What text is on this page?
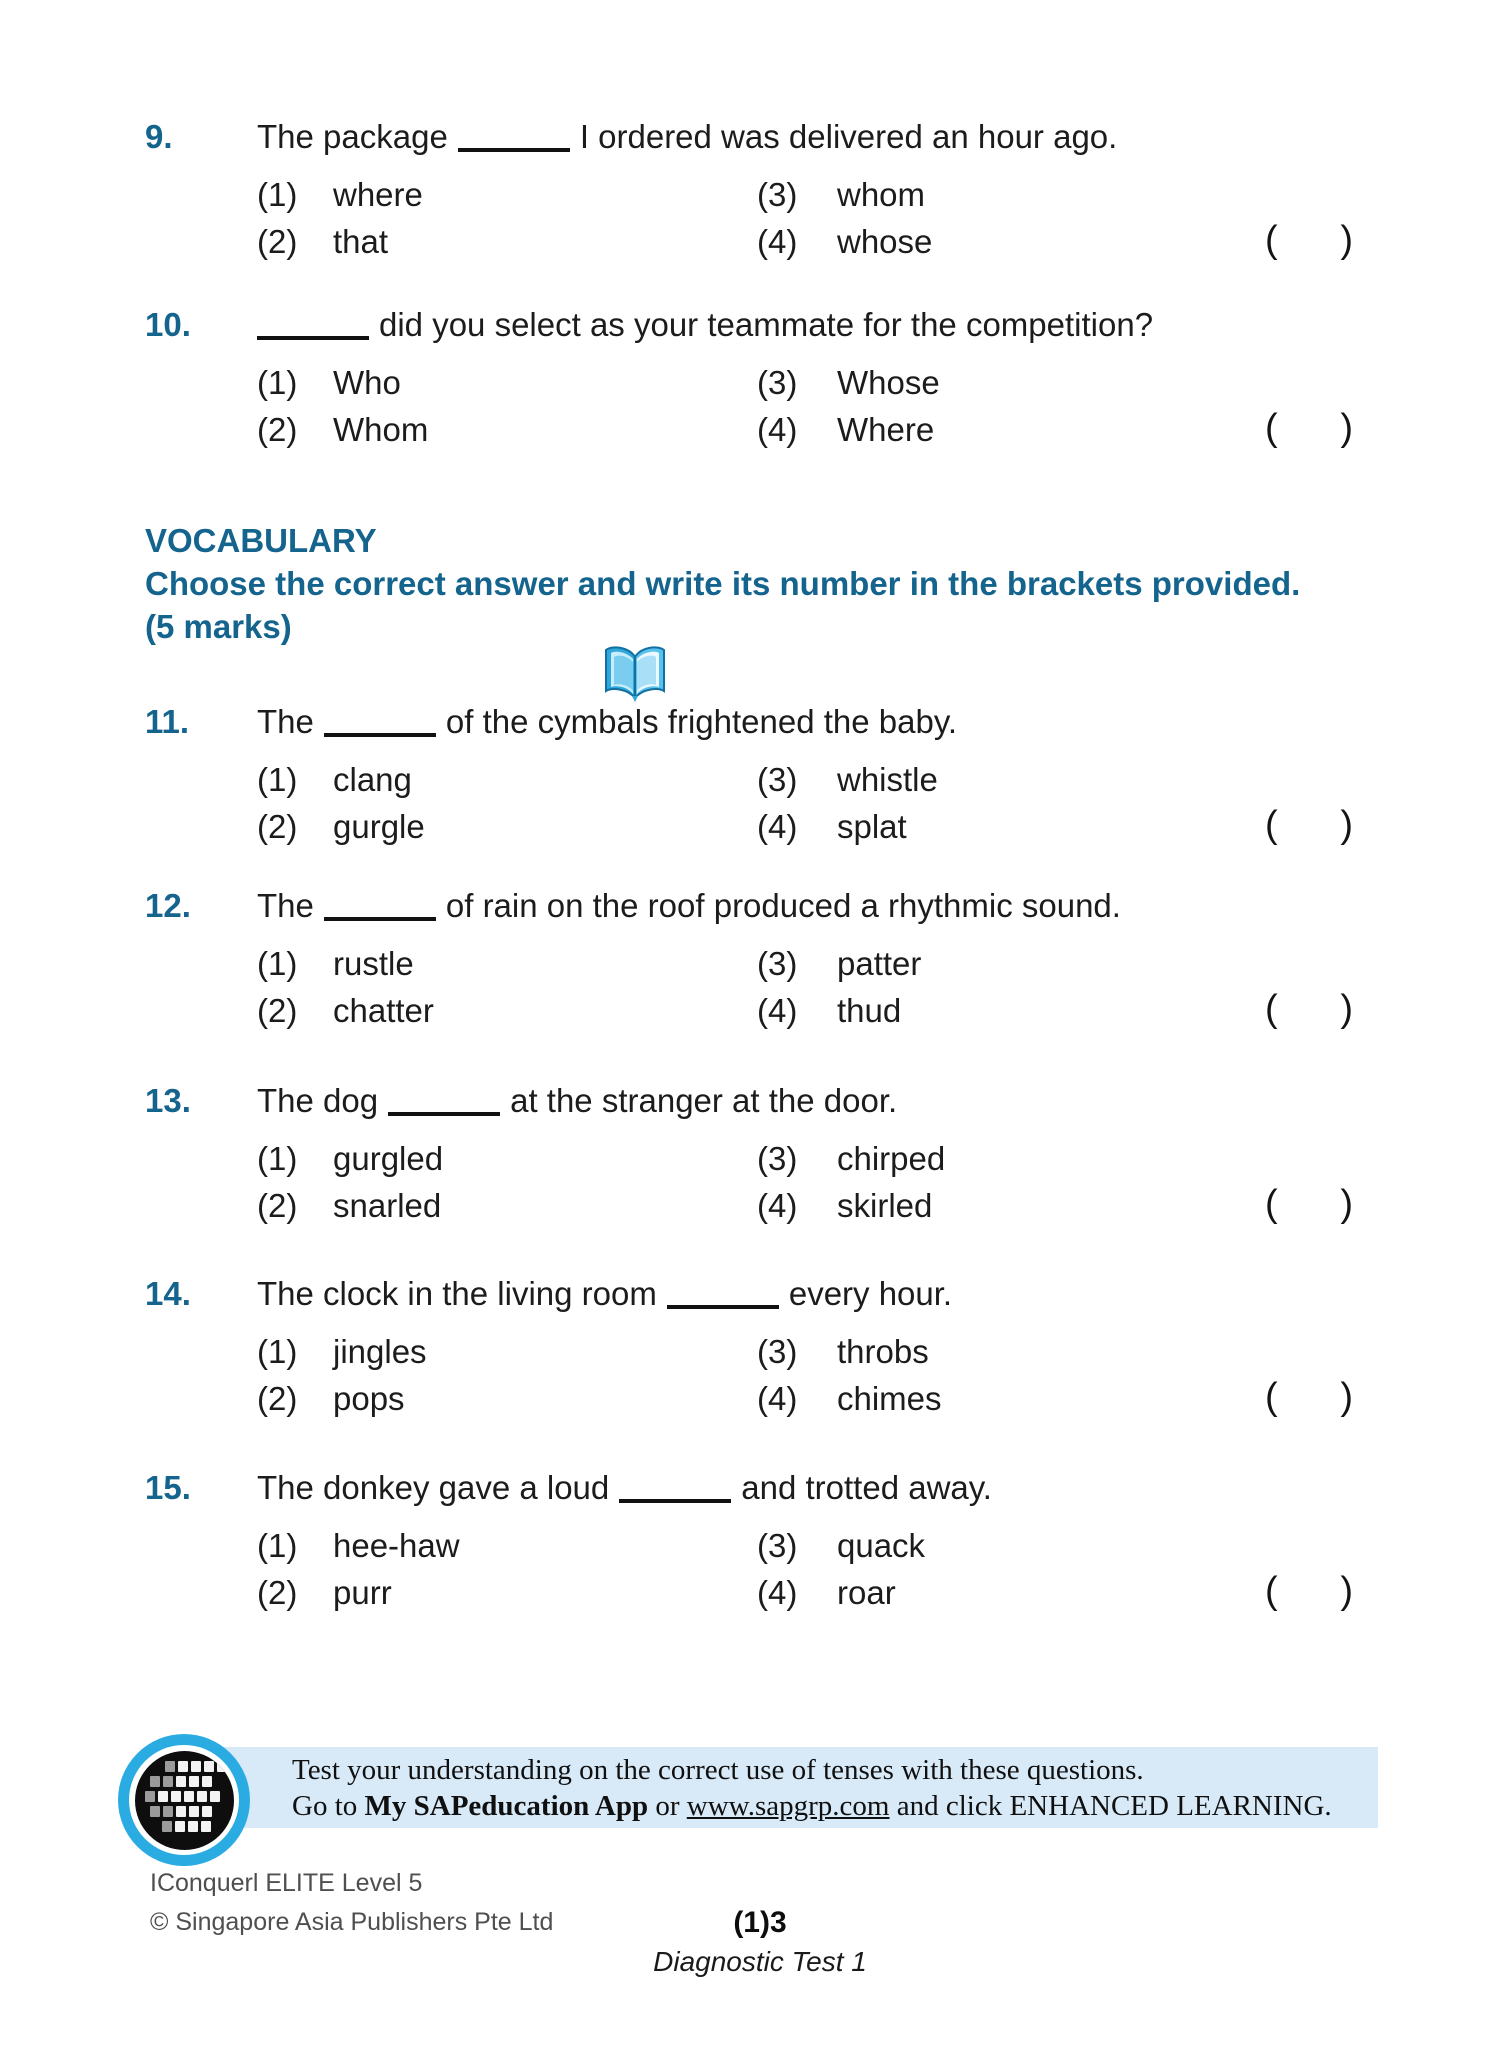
9.	The package	I ordered was delivered an hour ago.
(1) where	(3) whom
(2) that	(4) whose	( )
10.	did you select as your teammate for the competition?
(1) Who	(3) Whose
(2) Whom	(4) Where	( )
VOCABULARY
Choose the correct answer and write its number in the brackets provided.
(5 marks)
11.	The	of the cymbals frightened the baby.
(1) clang	(3) whistle
(2) gurgle	(4) splat	( )
12.	The	of rain on the roof produced a rhythmic sound.
(1) rustle	(3) patter
(2) chatter	(4) thud	( )
13.	The dog	at the stranger at the door.
(1) gurgled	(3) chirped
(2) snarled	(4) skirled	( )
14.	The clock in the living room	every hour.
(1) jingles	(3) throbs
(2) pops	(4) chimes	( )
15.	The donkey gave a loud	and trotted away.
(1) hee-haw	(3) quack
(2) purr	(4) roar	( )
Test your understanding on the correct use of tenses with these questions.
Go to My SAPeducation App or www.sapgrp.com and click ENHANCED LEARNING.
IConquerl ELITE Level 5
© Singapore Asia Publishers Pte Ltd	(1)3
Diagnostic Test 1
